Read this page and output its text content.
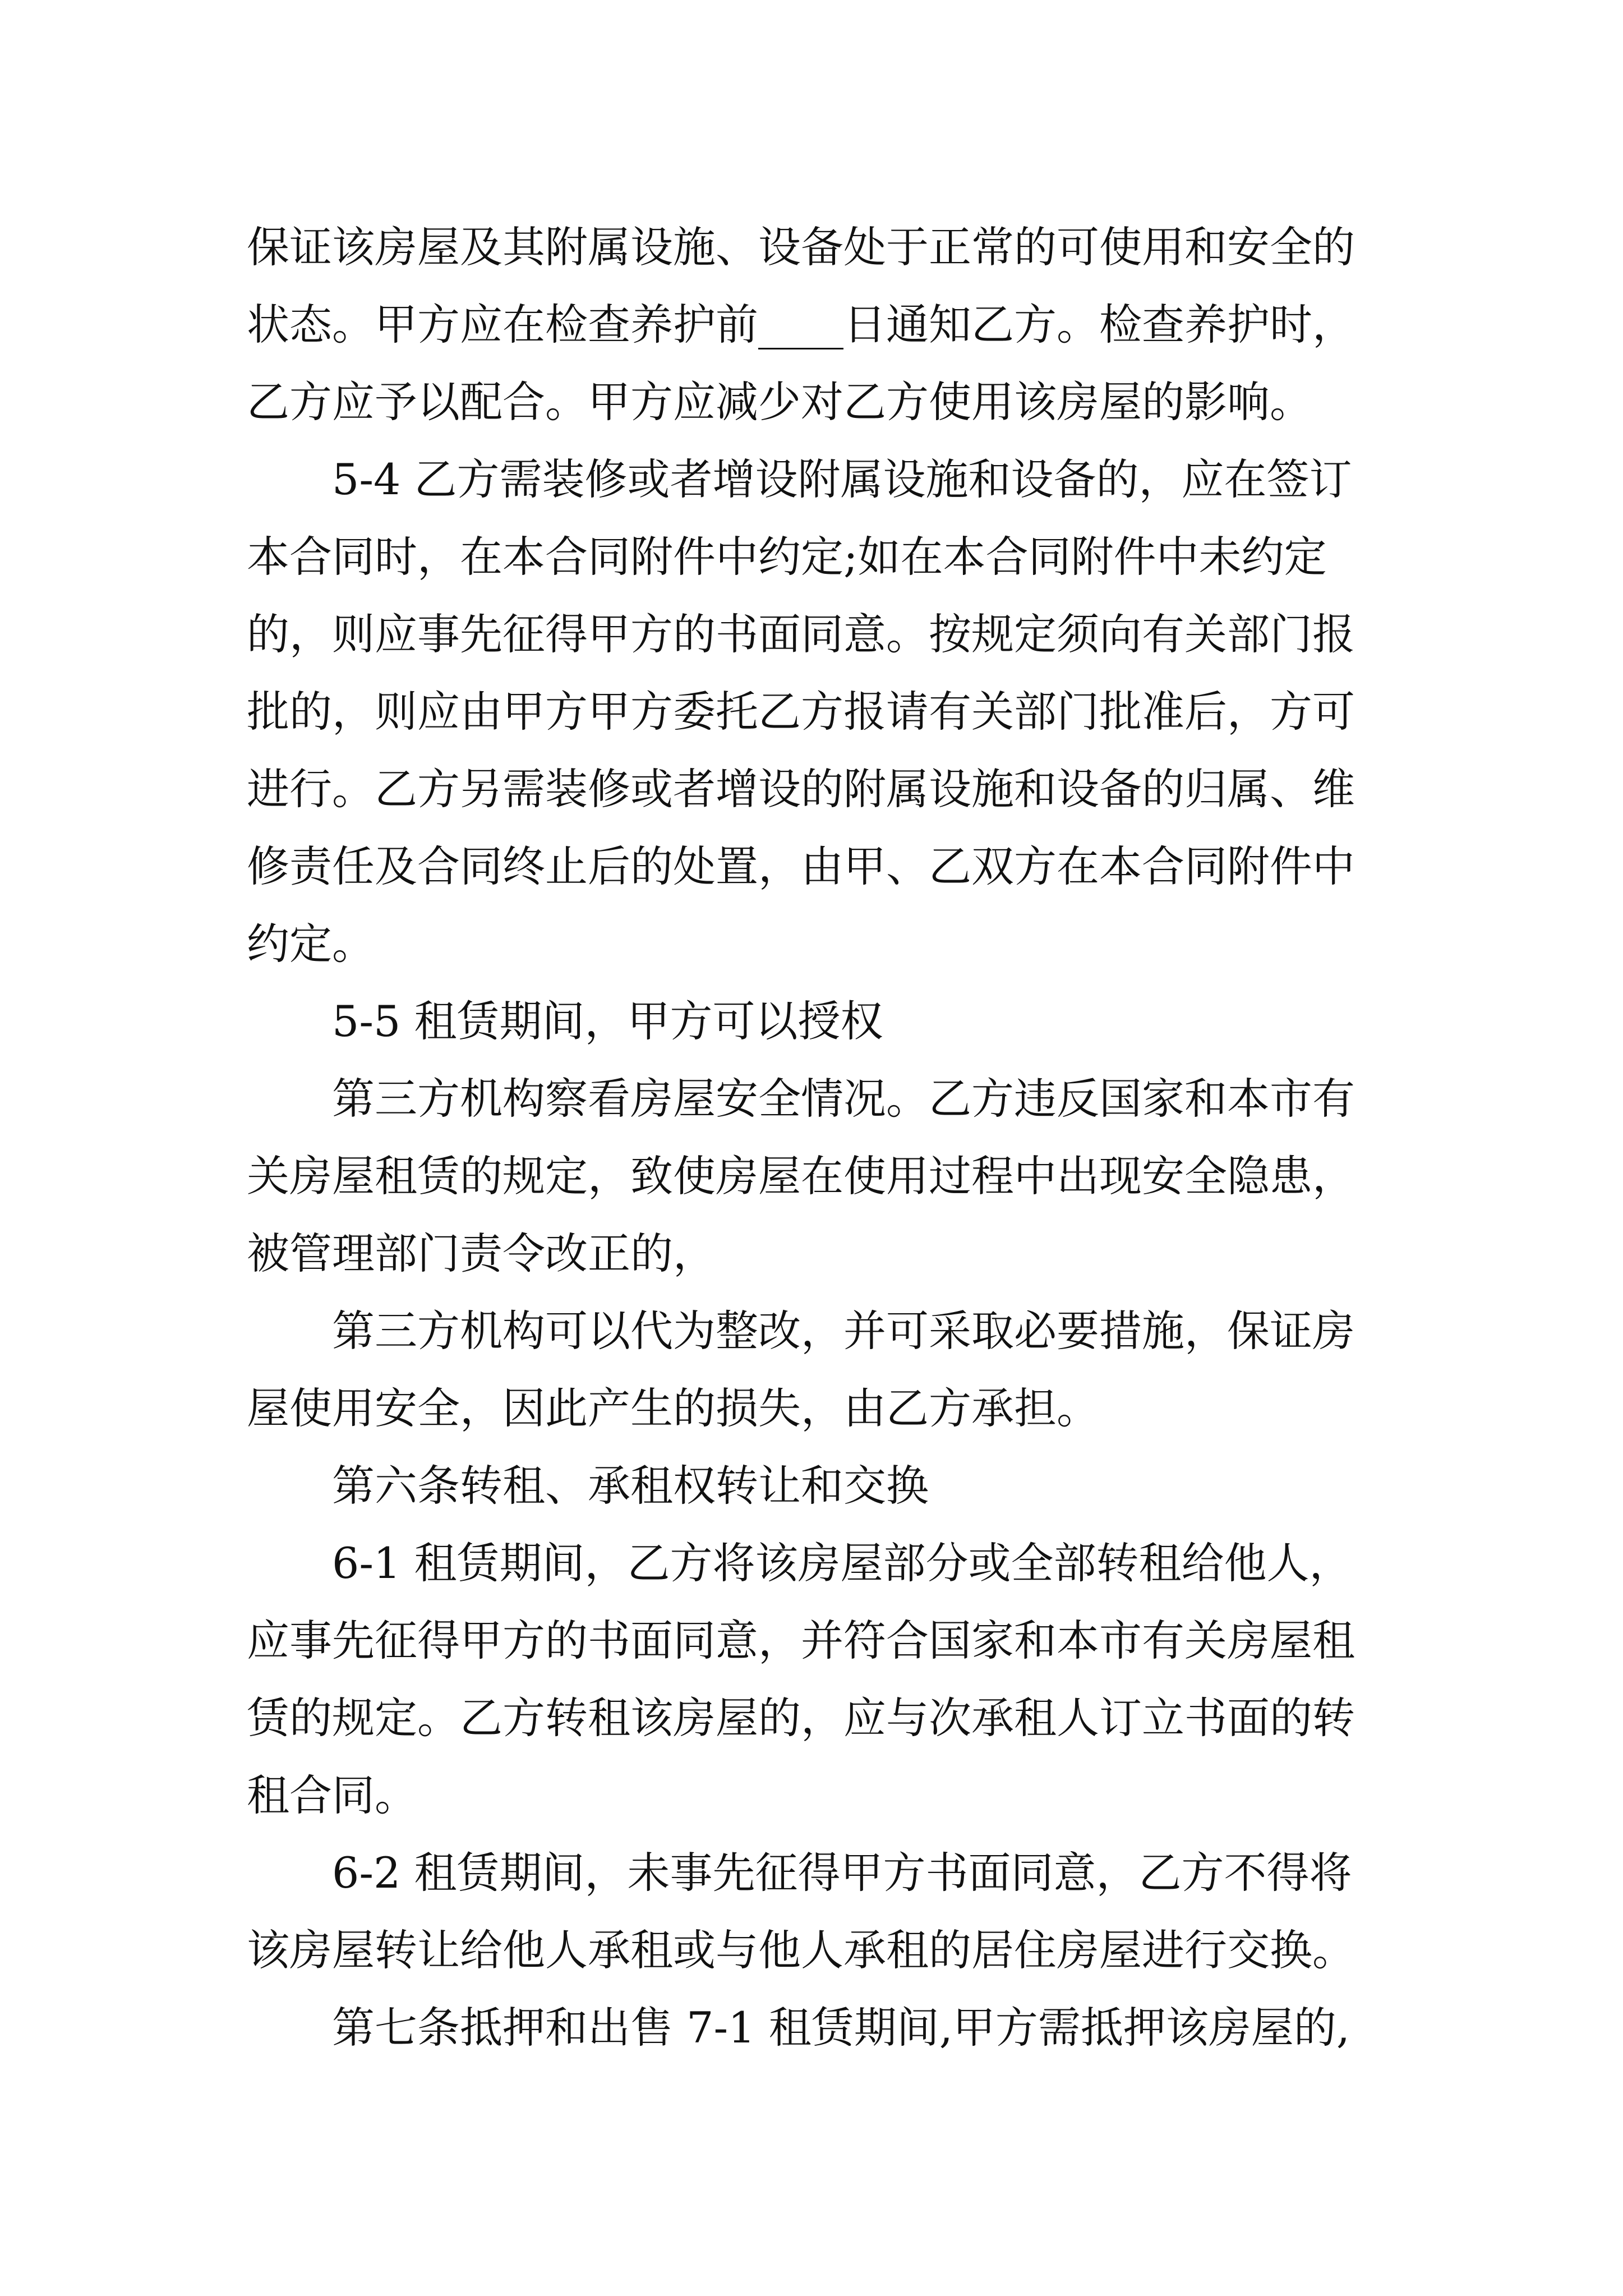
保证该房屋及其附属设施、设备处于正常的可使用和安全的
状态。甲方应在检查养护前____日通知乙方。检查养护时，
乙方应予以配合。甲方应减少对乙方使用该房屋的影响。
5-4 乙方需装修或者增设附属设施和设备的，应在签订
本合同时，在本合同附件中约定;如在本合同附件中未约定
的，则应事先征得甲方的书面同意。按规定须向有关部门报
批的，则应由甲方甲方委托乙方报请有关部门批准后，方可
进行。乙方另需装修或者增设的附属设施和设备的归属、维
修责任及合同终止后的处置，由甲、乙双方在本合同附件中
约定。
5-5 租赁期间，甲方可以授权
第三方机构察看房屋安全情况。乙方违反国家和本市有
关房屋租赁的规定，致使房屋在使用过程中出现安全隐患，
被管理部门责令改正的，
第三方机构可以代为整改，并可采取必要措施，保证房
屋使用安全，因此产生的损失，由乙方承担。
第六条转租、承租权转让和交换
6-1 租赁期间，乙方将该房屋部分或全部转租给他人，
应事先征得甲方的书面同意，并符合国家和本市有关房屋租
赁的规定。乙方转租该房屋的，应与次承租人订立书面的转
租合同。
6-2 租赁期间，未事先征得甲方书面同意，乙方不得将
该房屋转让给他人承租或与他人承租的居住房屋进行交换。
第七条抵押和出售 7-1 租赁期间,甲方需抵押该房屋的,
